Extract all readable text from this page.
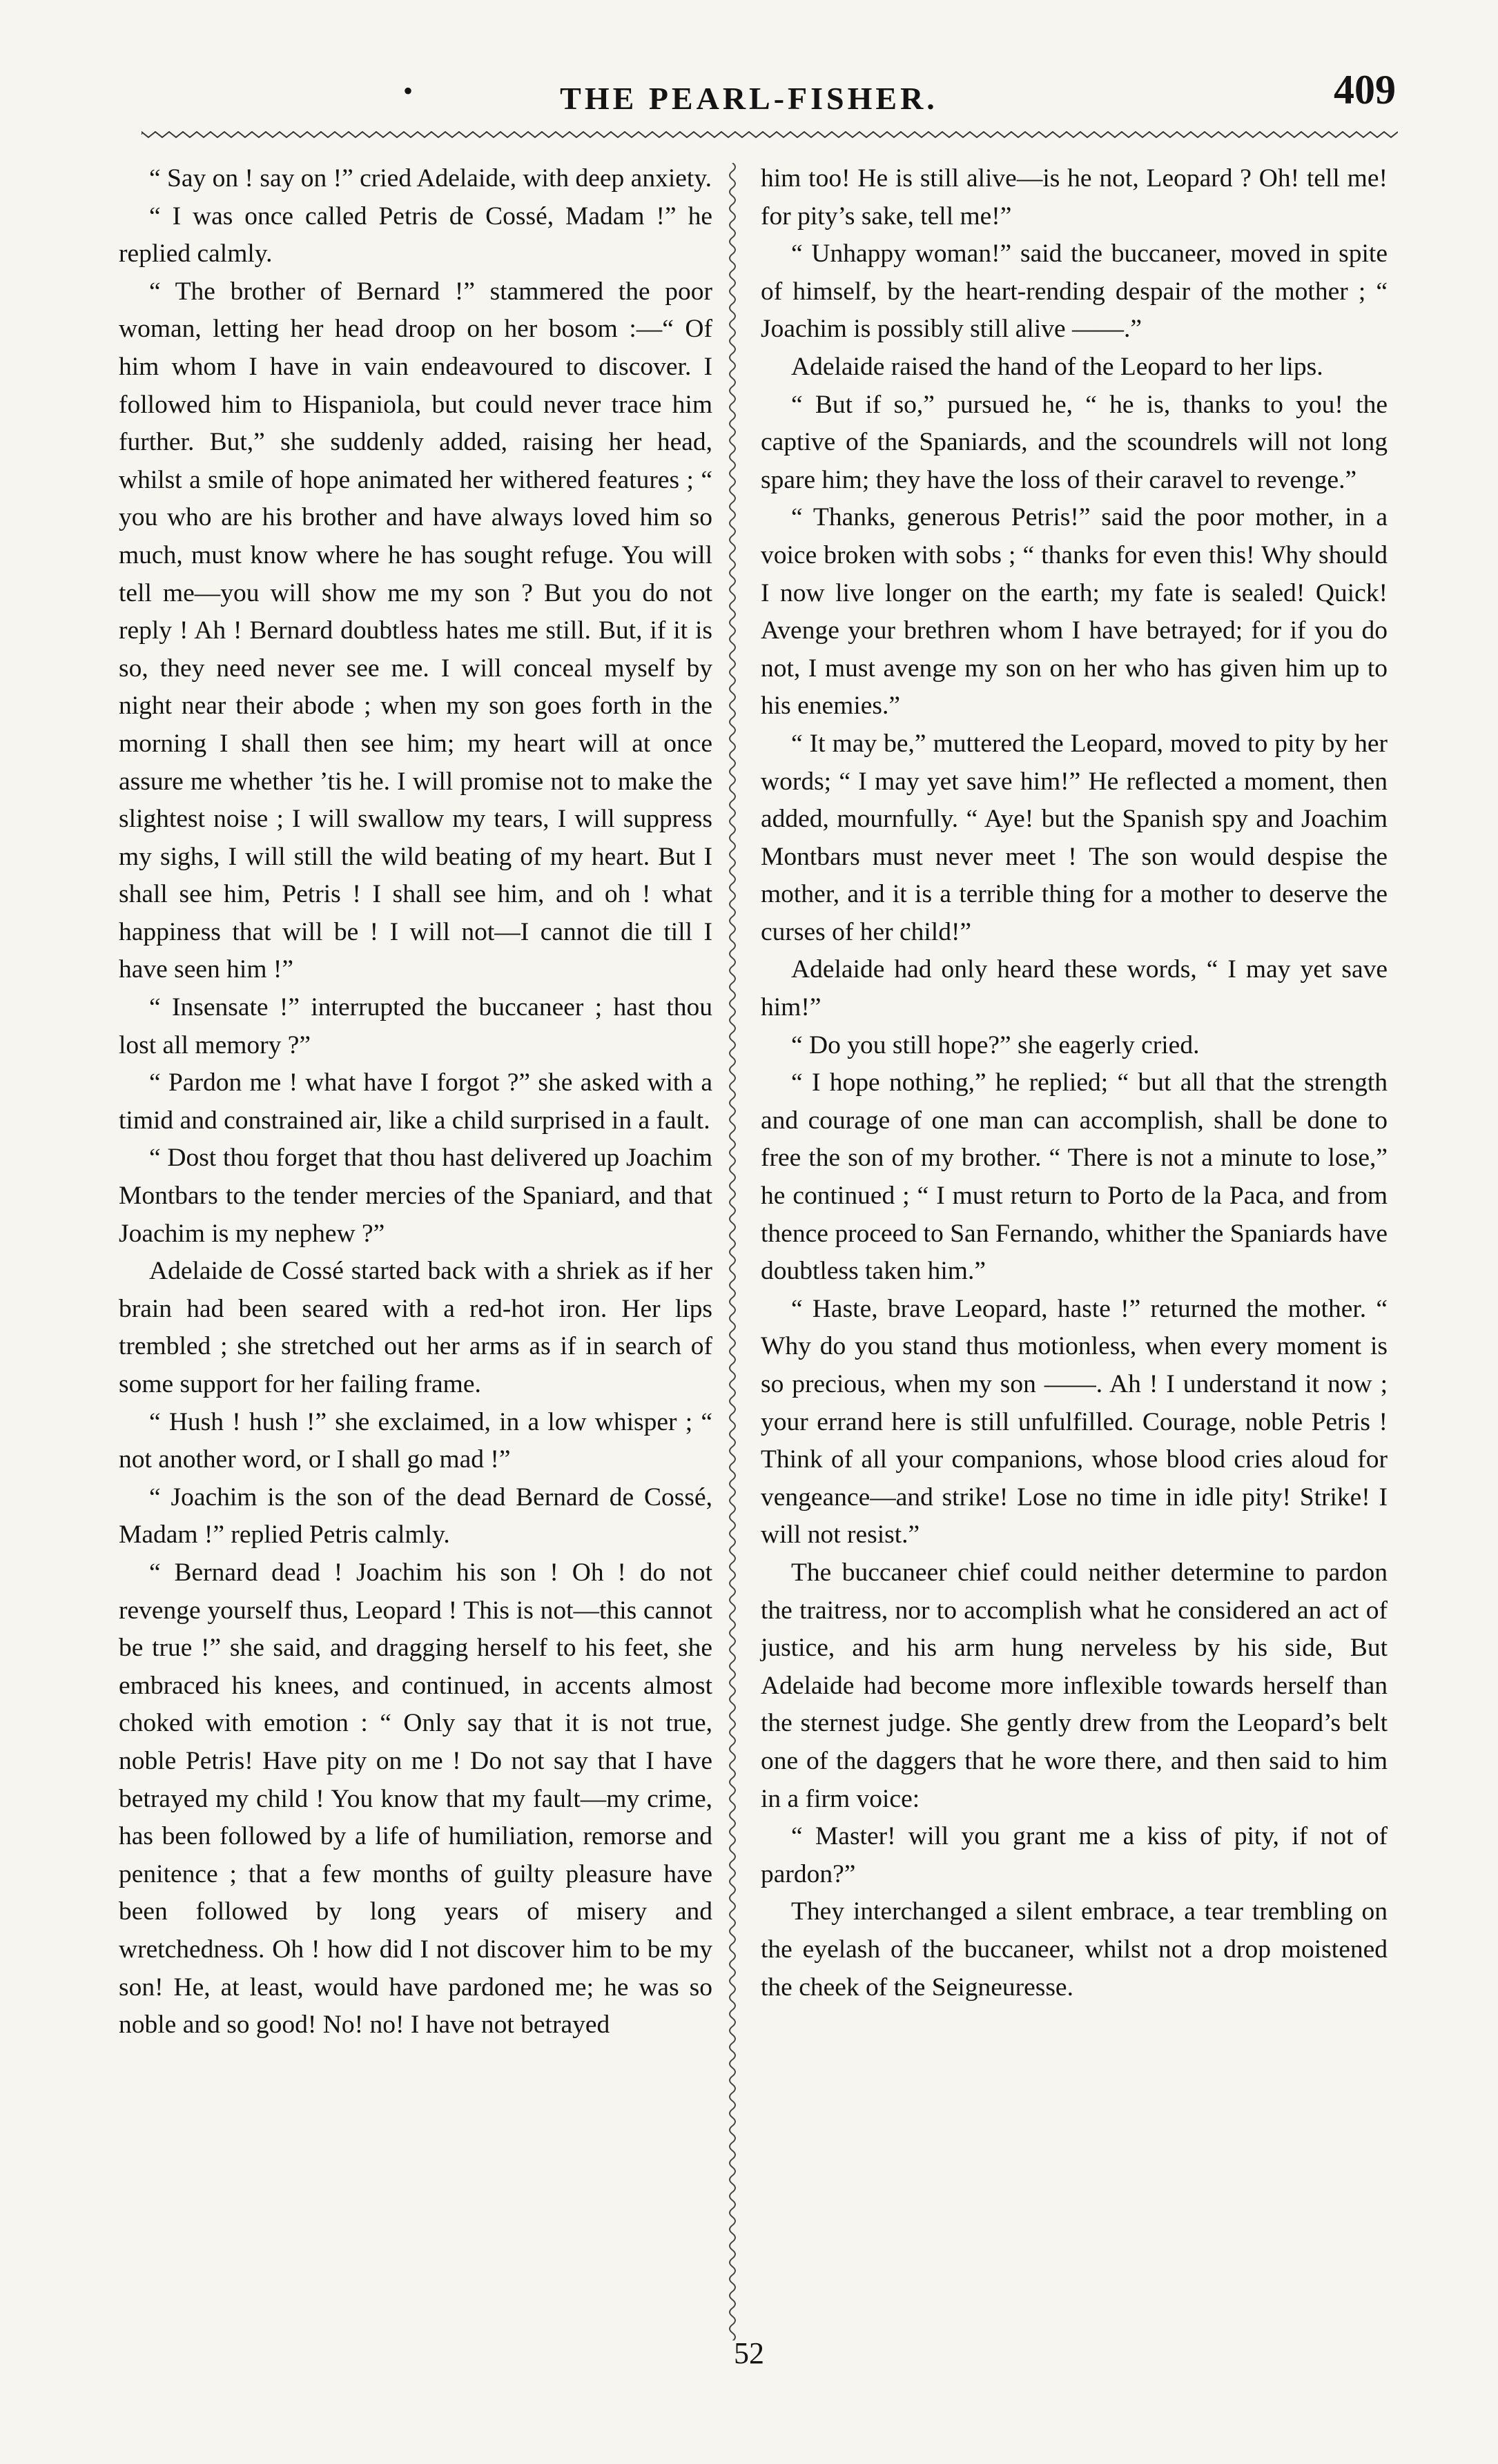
•	THE PEARL-FISHER.	409

“ Say on ! say on !” cried Adelaide, with deep anxiety.

“ I was once called Petris de Cossé, Madam !” he replied calmly.

“ The brother of Bernard !” stammered the poor woman, letting her head droop on her bosom :—“ Of him whom I have in vain endeavoured to discover. I followed him to Hispaniola, but could never trace him further. But,” she suddenly added, raising her head, whilst a smile of hope animated her withered features ; “ you who are his brother and have always loved him so much, must know where he has sought refuge. You will tell me—you will show me my son ? But you do not reply ! Ah ! Bernard doubtless hates me still. But, if it is so, they need never see me. I will conceal myself by night near their abode ; when my son goes forth in the morning I shall then see him; my heart will at once assure me whether ’tis he. I will promise not to make the slightest noise ; I will swallow my tears, I will suppress my sighs, I will still the wild beating of my heart. But I shall see him, Petris ! I shall see him, and oh ! what happiness that will be ! I will not—I cannot die till I have seen him !”

“ Insensate !” interrupted the buccaneer ; hast thou lost all memory ?”

“ Pardon me ! what have I forgot ?” she asked with a timid and constrained air, like a child surprised in a fault.

“ Dost thou forget that thou hast delivered up Joachim Montbars to the tender mercies of the Spaniard, and that Joachim is my nephew ?”

Adelaide de Cossé started back with a shriek as if her brain had been seared with a red-hot iron. Her lips trembled ; she stretched out her arms as if in search of some support for her failing frame.

“ Hush ! hush !” she exclaimed, in a low whisper ; “ not another word, or I shall go mad !”

“ Joachim is the son of the dead Bernard de Cossé, Madam !” replied Petris calmly.

“ Bernard dead ! Joachim his son ! Oh ! do not revenge yourself thus, Leopard ! This is not—this cannot be true !” she said, and dragging herself to his feet, she embraced his knees, and continued, in accents almost choked with emotion : “ Only say that it is not true, noble Petris! Have pity on me ! Do not say that I have betrayed my child ! You know that my fault—my crime, has been followed by a life of humiliation, remorse and penitence ; that a few months of guilty pleasure have been followed by long years of misery and wretchedness. Oh ! how did I not discover him to be my son! He, at least, would have pardoned me; he was so noble and so good! No! no! I have not betrayed

him too! He is still alive—is he not, Leopard ? Oh! tell me! for pity’s sake, tell me!”

“ Unhappy woman!” said the buccaneer, moved in spite of himself, by the heart-rending despair of the mother ; “ Joachim is possibly still alive ——.”

Adelaide raised the hand of the Leopard to her lips.

“ But if so,” pursued he, “ he is, thanks to you! the captive of the Spaniards, and the scoundrels will not long spare him; they have the loss of their caravel to revenge.”

“ Thanks, generous Petris!” said the poor mother, in a voice broken with sobs ; “ thanks for even this! Why should I now live longer on the earth; my fate is sealed! Quick! Avenge your brethren whom I have betrayed; for if you do not, I must avenge my son on her who has given him up to his enemies.”

“ It may be,” muttered the Leopard, moved to pity by her words; “ I may yet save him!” He reflected a moment, then added, mournfully. “ Aye! but the Spanish spy and Joachim Montbars must never meet ! The son would despise the mother, and it is a terrible thing for a mother to deserve the curses of her child!”

Adelaide had only heard these words, “ I may yet save him!”

“ Do you still hope?” she eagerly cried.

“ I hope nothing,” he replied; “ but all that the strength and courage of one man can accomplish, shall be done to free the son of my brother. “ There is not a minute to lose,” he continued ; “ I must return to Porto de la Paca, and from thence proceed to San Fernando, whither the Spaniards have doubtless taken him.”

“ Haste, brave Leopard, haste !” returned the mother. “ Why do you stand thus motionless, when every moment is so precious, when my son ——. Ah ! I understand it now ; your errand here is still unfulfilled. Courage, noble Petris ! Think of all your companions, whose blood cries aloud for vengeance—and strike! Lose no time in idle pity! Strike! I will not resist.”

The buccaneer chief could neither determine to pardon the traitress, nor to accomplish what he considered an act of justice, and his arm hung nerveless by his side, But Adelaide had become more inflexible towards herself than the sternest judge. She gently drew from the Leopard’s belt one of the daggers that he wore there, and then said to him in a firm voice:

“ Master! will you grant me a kiss of pity, if not of pardon?”

They interchanged a silent embrace, a tear trembling on the eyelash of the buccaneer, whilst not a drop moistened the cheek of the Seigneuresse.

52
